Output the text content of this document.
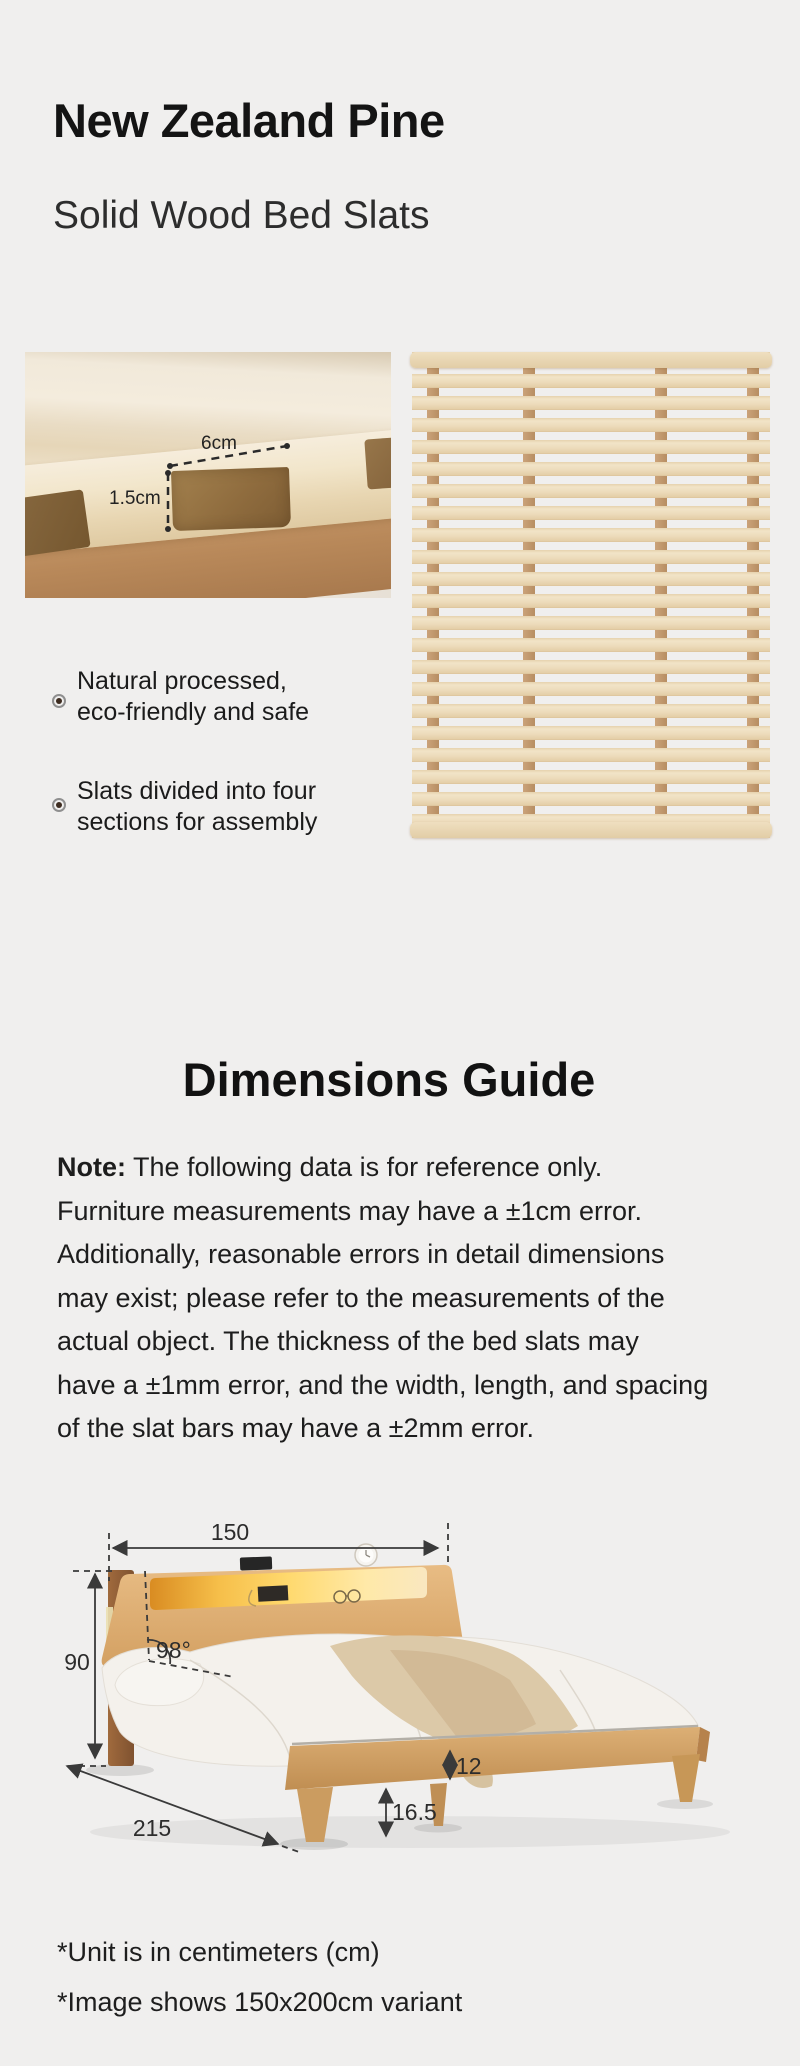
New Zealand Pine
Solid Wood Bed Slats
6cm
1.5cm
Natural processed,
eco-friendly and safe
Slats divided into four
sections for assembly
Dimensions Guide
Note: The following data is for reference only.
Furniture measurements may have a ±1cm error.
Additionally, reasonable errors in detail dimensions
may exist; please refer to the measurements of the
actual object. The thickness of the bed slats may
have a ±1mm error, and the width, length, and spacing
of the slat bars may have a ±2mm error.
150
90	98°
12
16.5
215
*Unit is in centimeters (cm)
*Image shows 150x200cm variant
